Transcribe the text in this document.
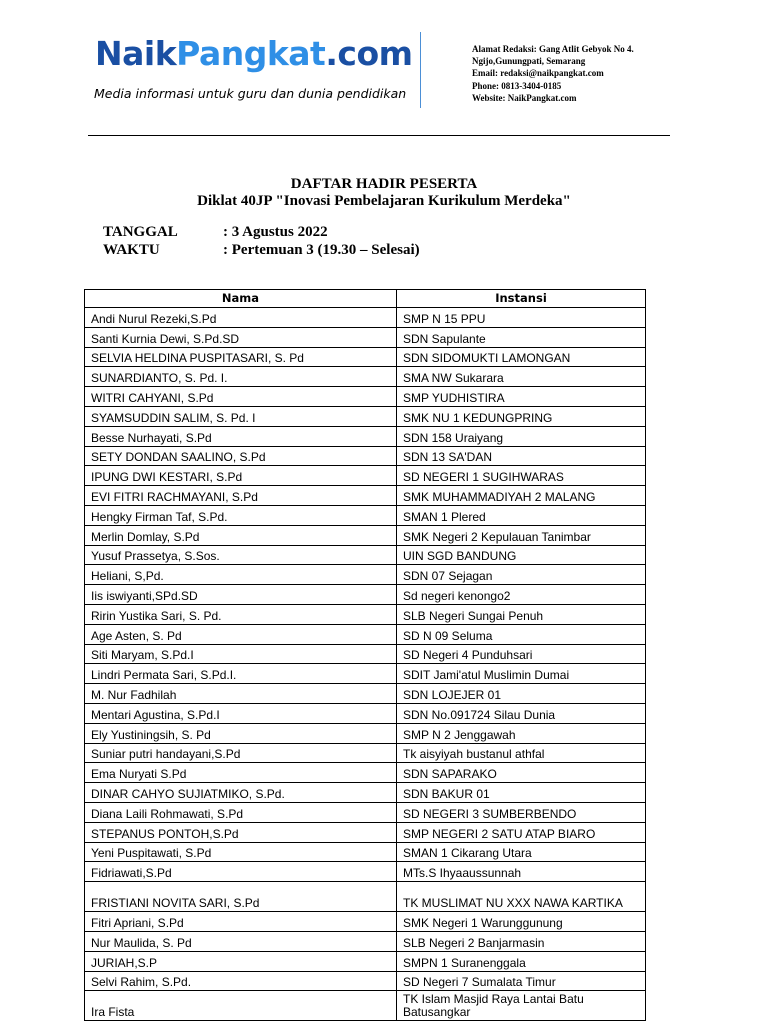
NaikPangkat.com
Media informasi untuk guru dan dunia pendidikan
Alamat Redaksi: Gang Atlit Gebyok No 4.
Ngijo,Gunungpati, Semarang
Email: redaksi@naikpangkat.com
Phone: 0813-3404-0185
Website: NaikPangkat.com
DAFTAR HADIR PESERTA
Diklat 40JP "Inovasi Pembelajaran Kurikulum Merdeka"
TANGGAL	: 3 Agustus 2022
WAKTU	: Pertemuan 3 (19.30 – Selesai)
Nama	Instansi
Andi Nurul Rezeki,S.Pd	SMP N 15 PPU
Santi Kurnia Dewi, S.Pd.SD	SDN Sapulante
SELVIA HELDINA PUSPITASARI, S. Pd	SDN SIDOMUKTI LAMONGAN
SUNARDIANTO, S. Pd. I.	SMA NW Sukarara
WITRI CAHYANI, S.Pd	SMP YUDHISTIRA
SYAMSUDDIN SALIM, S. Pd. I	SMK NU 1 KEDUNGPRING
Besse Nurhayati, S.Pd	SDN 158 Uraiyang
SETY DONDAN SAALINO, S.Pd	SDN 13 SA'DAN
IPUNG DWI KESTARI, S.Pd	SD NEGERI 1 SUGIHWARAS
EVI FITRI RACHMAYANI, S.Pd	SMK MUHAMMADIYAH 2 MALANG
Hengky Firman Taf, S.Pd.	SMAN 1 Plered
Merlin Domlay, S.Pd	SMK Negeri 2 Kepulauan Tanimbar
Yusuf Prassetya, S.Sos.	UIN SGD BANDUNG
Heliani, S,Pd.	SDN 07 Sejagan
Iis iswiyanti,SPd.SD	Sd negeri kenongo2
Ririn Yustika Sari, S. Pd.	SLB Negeri Sungai Penuh
Age Asten, S. Pd	SD N 09 Seluma
Siti Maryam, S.Pd.I	SD Negeri 4 Punduhsari
Lindri Permata Sari, S.Pd.I.	SDIT Jami'atul Muslimin Dumai
M. Nur Fadhilah	SDN LOJEJER 01
Mentari Agustina, S.Pd.I	SDN No.091724 Silau Dunia
Ely Yustiningsih, S. Pd	SMP N 2 Jenggawah
Suniar putri handayani,S.Pd	Tk aisyiyah bustanul athfal
Ema Nuryati S.Pd	SDN SAPARAKO
DINAR CAHYO SUJIATMIKO, S.Pd.	SDN BAKUR 01
Diana Laili Rohmawati, S.Pd	SD NEGERI 3 SUMBERBENDO
STEPANUS PONTOH,S.Pd	SMP NEGERI 2 SATU ATAP BIARO
Yeni Puspitawati, S.Pd	SMAN 1 Cikarang Utara
Fidriawati,S.Pd	MTs.S Ihyaaussunnah
FRISTIANI NOVITA SARI, S.Pd	TK MUSLIMAT NU XXX NAWA KARTIKA
Fitri Apriani, S.Pd	SMK Negeri 1 Warunggunung
Nur Maulida, S. Pd	SLB Negeri 2 Banjarmasin
JURIAH,S.P	SMPN 1 Suranenggala
Selvi Rahim, S.Pd.	SD Negeri 7 Sumalata Timur
Ira Fista	TK Islam Masjid Raya Lantai Batu Batusangkar
